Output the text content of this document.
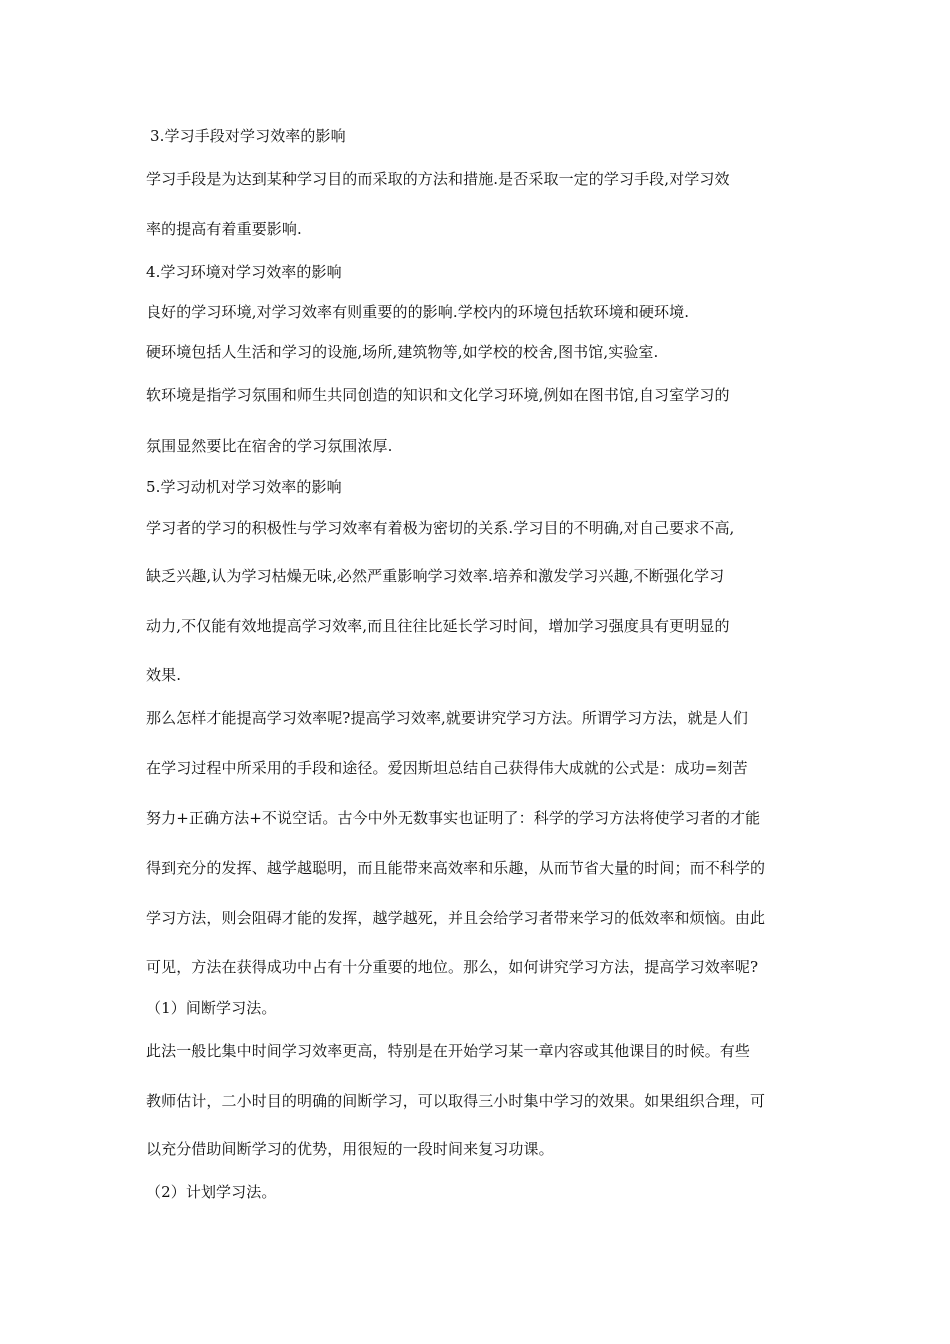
3.学习手段对学习效率的影响
学习手段是为达到某种学习目的而采取的方法和措施.是否采取一定的学习手段,对学习效
率的提高有着重要影响.
4.学习环境对学习效率的影响
良好的学习环境,对学习效率有则重要的的影响.学校内的环境包括软环境和硬环境.
硬环境包括人生活和学习的设施,场所,建筑物等,如学校的校舍,图书馆,实验室.
软环境是指学习氛围和师生共同创造的知识和文化学习环境,例如在图书馆,自习室学习的
氛围显然要比在宿舍的学习氛围浓厚.
5.学习动机对学习效率的影响
学习者的学习的积极性与学习效率有着极为密切的关系.学习目的不明确,对自己要求不高,
缺乏兴趣,认为学习枯燥无味,必然严重影响学习效率.培养和激发学习兴趣,不断强化学习
动力,不仅能有效地提高学习效率,而且往往比延长学习时间，增加学习强度具有更明显的
效果.
那么怎样才能提高学习效率呢?提高学习效率,就要讲究学习方法。所谓学习方法，就是人们
在学习过程中所采用的手段和途径。爱因斯坦总结自己获得伟大成就的公式是：成功=刻苦
努力+正确方法+不说空话。古今中外无数事实也证明了：科学的学习方法将使学习者的才能
得到充分的发挥、越学越聪明，而且能带来高效率和乐趣，从而节省大量的时间；而不科学的
学习方法，则会阻碍才能的发挥，越学越死，并且会给学习者带来学习的低效率和烦恼。由此
可见，方法在获得成功中占有十分重要的地位。那么，如何讲究学习方法，提高学习效率呢?
（1）间断学习法。
此法一般比集中时间学习效率更高，特别是在开始学习某一章内容或其他课目的时候。有些
教师估计，二小时目的明确的间断学习，可以取得三小时集中学习的效果。如果组织合理，可
以充分借助间断学习的优势，用很短的一段时间来复习功课。
（2）计划学习法。
